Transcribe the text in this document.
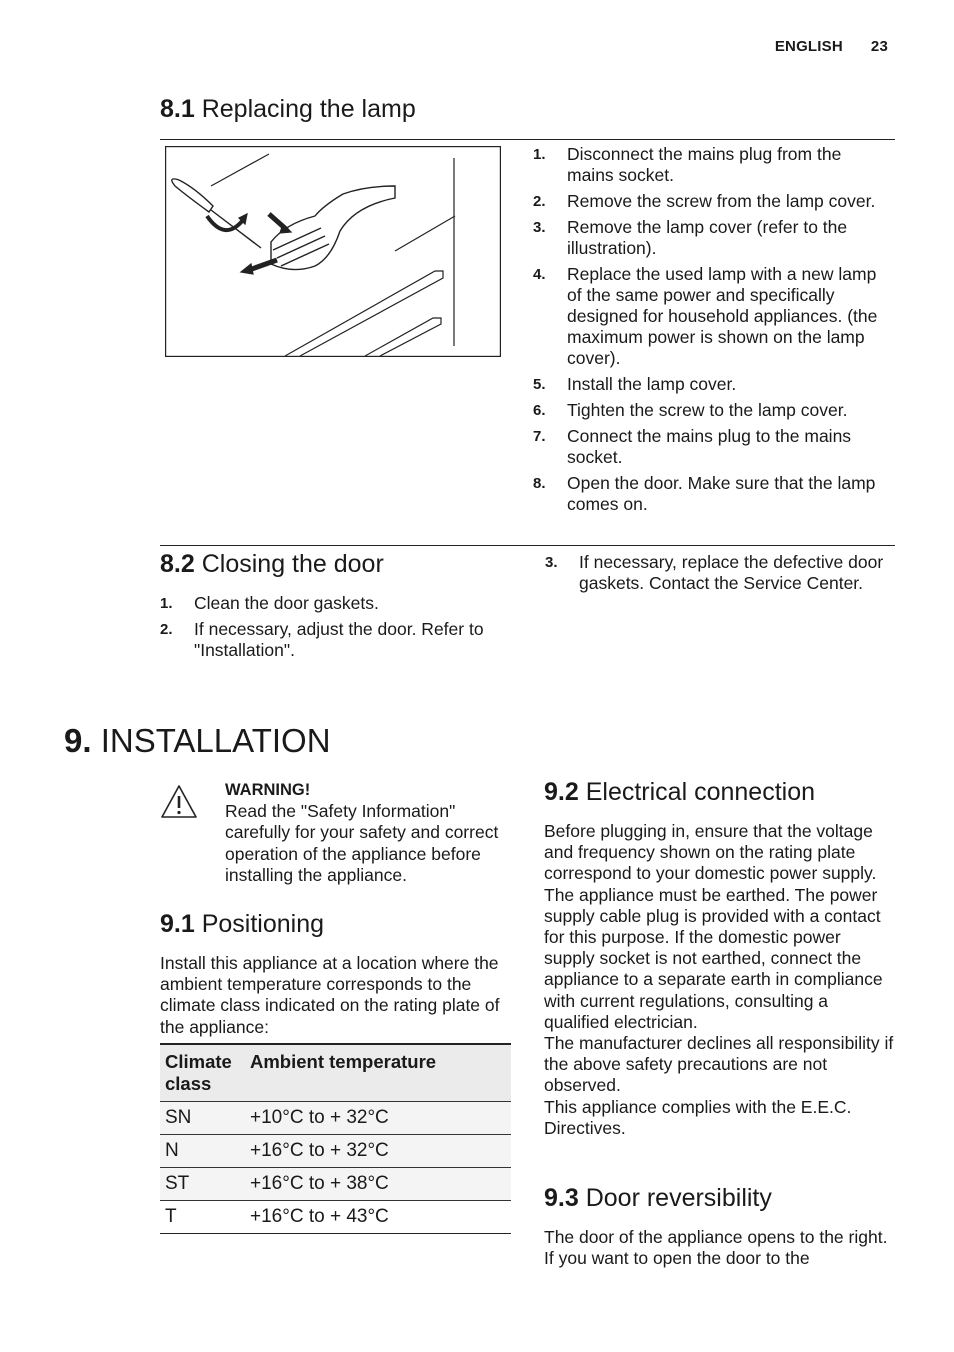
ENGLISH 23
8.1 Replacing the lamp
1. Disconnect the mains plug from the mains socket.
2. Remove the screw from the lamp cover.
3. Remove the lamp cover (refer to the illustration).
4. Replace the used lamp with a new lamp of the same power and specifically designed for household appliances. (the maximum power is shown on the lamp cover).
5. Install the lamp cover.
6. Tighten the screw to the lamp cover.
7. Connect the mains plug to the mains socket.
8. Open the door. Make sure that the lamp comes on.
8.2 Closing the door
1. Clean the door gaskets.
2. If necessary, adjust the door. Refer to "Installation".
3. If necessary, replace the defective door gaskets. Contact the Service Center.
9. INSTALLATION
WARNING!

Read the "Safety Information" carefully for your safety and correct operation of the appliance before installing the appliance.

9.1 Positioning

Install this appliance at a location where the ambient temperature corresponds to the climate class indicated on the rating plate of the appliance:

Climate class	Ambient temperature
SN	+10°C to + 32°C
N	+16°C to + 32°C
ST	+16°C to + 38°C
T	+16°C to + 43°C
9.2 Electrical connection

Before plugging in, ensure that the voltage and frequency shown on the rating plate correspond to your domestic power supply.

The appliance must be earthed. The power supply cable plug is provided with a contact for this purpose. If the domestic power supply socket is not earthed, connect the appliance to a separate earth in compliance with current regulations, consulting a qualified electrician.

The manufacturer declines all responsibility if the above safety precautions are not observed.

This appliance complies with the E.E.C. Directives.

9.3 Door reversibility

The door of the appliance opens to the right. If you want to open the door to the
